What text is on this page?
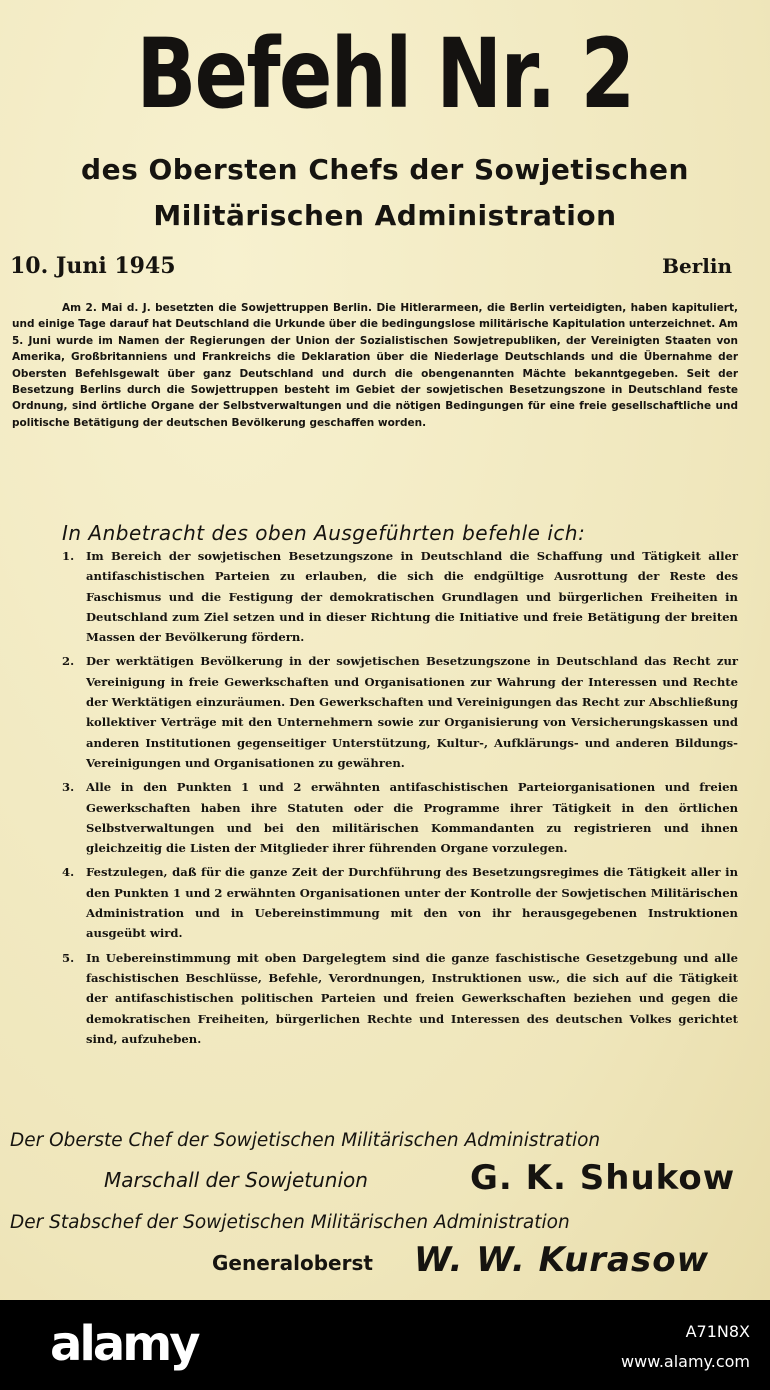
Befehl Nr. 2
des Obersten Chefs der Sowjetischen
Militärischen Administration
10. Juni 1945	Berlin

Am 2. Mai d. J. besetzten die Sowjettruppen Berlin. Die Hitlerarmeen, die Berlin verteidigten, haben kapituliert, und einige Tage darauf hat Deutschland die Urkunde über die bedingungslose militärische Kapitulation unterzeichnet. Am 5. Juni wurde im Namen der Regierungen der Union der Sozialistischen Sowjetrepubliken, der Vereinigten Staaten von Amerika, Großbritanniens und Frankreichs die Deklaration über die Niederlage Deutschlands und die Übernahme der Obersten Befehlsgewalt über ganz Deutschland und durch die obengenannten Mächte bekanntgegeben. Seit der Besetzung Berlins durch die Sowjettruppen besteht im Gebiet der sowjetischen Besetzungszone in Deutschland feste Ordnung, sind örtliche Organe der Selbstverwaltungen und die nötigen Bedingungen für eine freie gesellschaftliche und politische Betätigung der deutschen Bevölkerung geschaffen worden.

In Anbetracht des oben Ausgeführten befehle ich:
1. Im Bereich der sowjetischen Besetzungszone in Deutschland die Schaffung und Tätigkeit aller antifaschistischen Parteien zu erlauben, die sich die endgültige Ausrottung der Reste des Faschismus und die Festigung der demokratischen Grundlagen und bürgerlichen Freiheiten in Deutschland zum Ziel setzen und in dieser Richtung die Initiative und freie Betätigung der breiten Massen der Bevölkerung fördern.
2. Der werktätigen Bevölkerung in der sowjetischen Besetzungszone in Deutschland das Recht zur Vereinigung in freie Gewerkschaften und Organisationen zur Wahrung der Interessen und Rechte der Werktätigen einzuräumen. Den Gewerkschaften und Vereinigungen das Recht zur Abschließung kollektiver Verträge mit den Unternehmern sowie zur Organisierung von Versicherungskassen und anderen Institutionen gegenseitiger Unterstützung, Kultur-, Aufklärungs- und anderen Bildungs-Vereinigungen und Organisationen zu gewähren.
3. Alle in den Punkten 1 und 2 erwähnten antifaschistischen Parteiorganisationen und freien Gewerkschaften haben ihre Statuten oder die Programme ihrer Tätigkeit in den örtlichen Selbstverwaltungen und bei den militärischen Kommandanten zu registrieren und ihnen gleichzeitig die Listen der Mitglieder ihrer führenden Organe vorzulegen.
4. Festzulegen, daß für die ganze Zeit der Durchführung des Besetzungsregimes die Tätigkeit aller in den Punkten 1 und 2 erwähnten Organisationen unter der Kontrolle der Sowjetischen Militärischen Administration und in Uebereinstimmung mit den von ihr herausgegebenen Instruktionen ausgeübt wird.
5. In Uebereinstimmung mit oben Dargelegtem sind die ganze faschistische Gesetzgebung und alle faschistischen Beschlüsse, Befehle, Verordnungen, Instruktionen usw., die sich auf die Tätigkeit der antifaschistischen politischen Parteien und freien Gewerkschaften beziehen und gegen die demokratischen Freiheiten, bürgerlichen Rechte und Interessen des deutschen Volkes gerichtet sind, aufzuheben.
Der Oberste Chef der Sowjetischen Militärischen Administration
Marschall der Sowjetunion	G. K. Shukow
Der Stabschef der Sowjetischen Militärischen Administration
Generaloberst W. W. Kurasow
alamy	A71N8X
www.alamy.com
